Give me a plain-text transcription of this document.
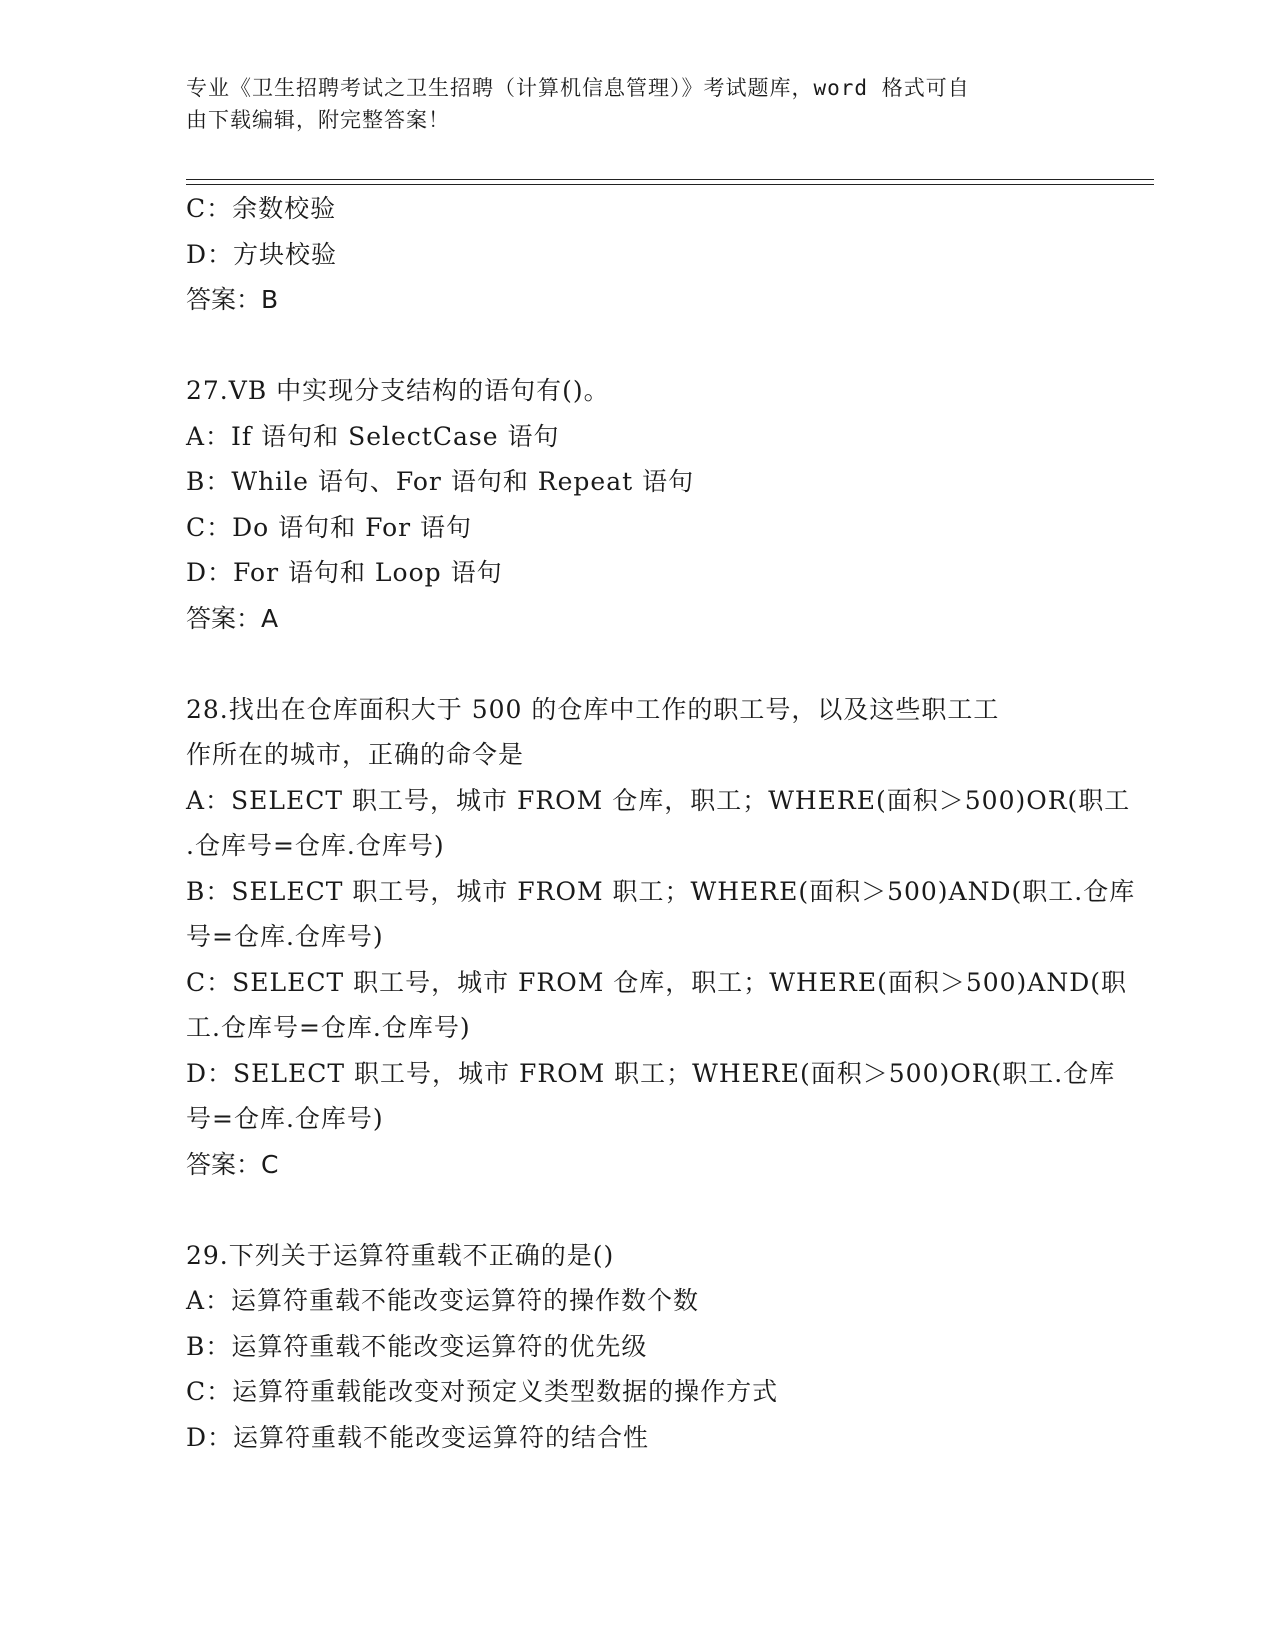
专业《卫生招聘考试之卫生招聘（计算机信息管理）》考试题库，word 格式可自
由下载编辑，附完整答案！
C：余数校验
D：方块校验
答案：B
27.VB 中实现分支结构的语句有()。
A：If 语句和 SelectCase 语句
B：While 语句、For 语句和 Repeat 语句
C：Do 语句和 For 语句
D：For 语句和 Loop 语句
答案：A
28.找出在仓库面积大于 500 的仓库中工作的职工号，以及这些职工工
作所在的城市，正确的命令是
A：SELECT 职工号，城市 FROM 仓库，职工；WHERE(面积＞500)OR(职工
.仓库号=仓库.仓库号)
B：SELECT 职工号，城市 FROM 职工；WHERE(面积＞500)AND(职工.仓库
号=仓库.仓库号)
C：SELECT 职工号，城市 FROM 仓库，职工；WHERE(面积＞500)AND(职
工.仓库号=仓库.仓库号)
D：SELECT 职工号，城市 FROM 职工；WHERE(面积＞500)OR(职工.仓库
号=仓库.仓库号)
答案：C
29.下列关于运算符重载不正确的是()
A：运算符重载不能改变运算符的操作数个数
B：运算符重载不能改变运算符的优先级
C：运算符重载能改变对预定义类型数据的操作方式
D：运算符重载不能改变运算符的结合性
